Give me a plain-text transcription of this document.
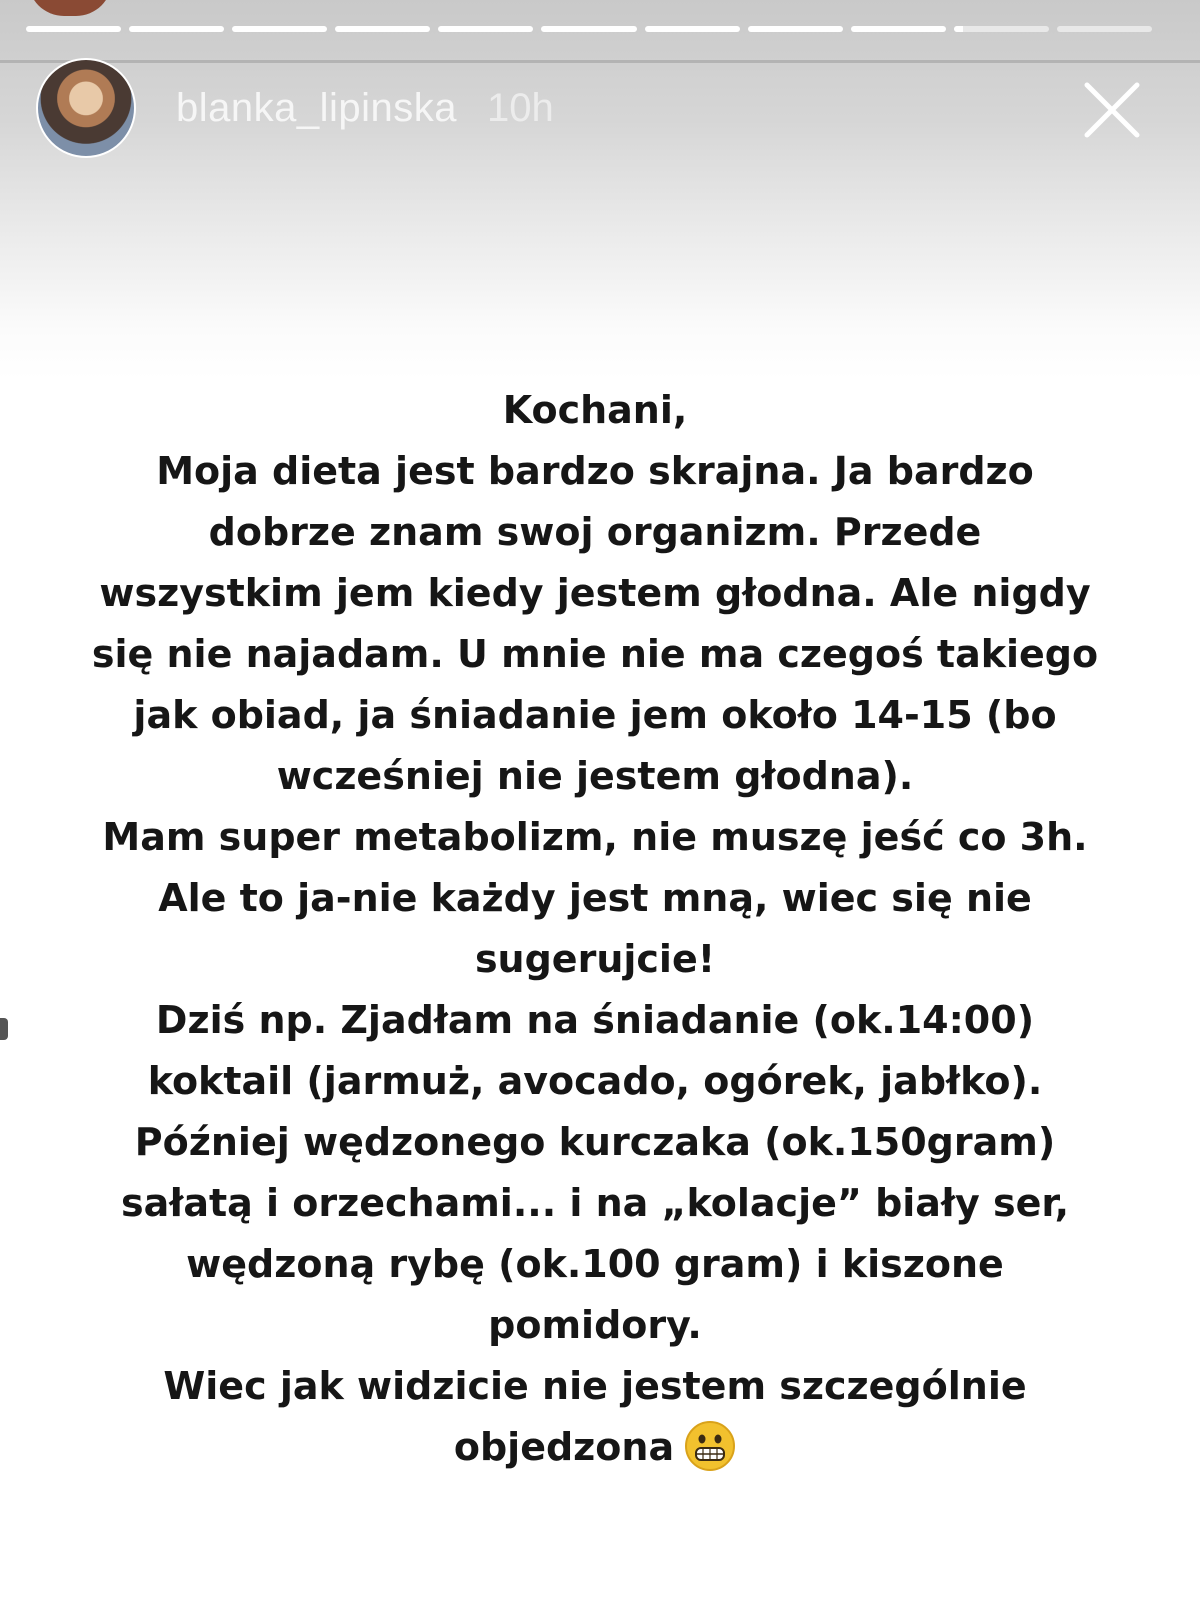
blanka_lipinska 10h
Kochani,
Moja dieta jest bardzo skrajna. Ja bardzo
dobrze znam swoj organizm. Przede
wszystkim jem kiedy jestem głodna. Ale nigdy
się nie najadam. U mnie nie ma czegoś takiego
jak obiad, ja śniadanie jem około 14-15 (bo
wcześniej nie jestem głodna).
Mam super metabolizm, nie muszę jeść co 3h.
Ale to ja-nie każdy jest mną, wiec się nie
sugerujcie!
Dziś np. Zjadłam na śniadanie (ok.14:00)
koktail (jarmuż, avocado, ogórek, jabłko).
Później wędzonego kurczaka (ok.150gram)
sałatą i orzechami... i na „kolacje” biały ser,
wędzoną rybę (ok.100 gram) i kiszone
pomidory.
Wiec jak widzicie nie jestem szczególnie
objedzona
